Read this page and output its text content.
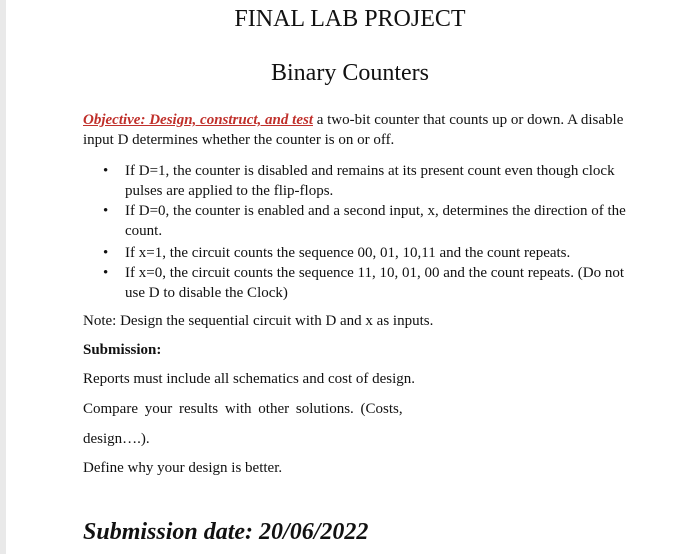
FINAL LAB PROJECT
Binary Counters

Objective: Design, construct, and test a two-bit counter that counts up or down. A disable input D determines whether the counter is on or off.

• If D=1, the counter is disabled and remains at its present count even though clock pulses are applied to the flip-flops.
• If D=0, the counter is enabled and a second input, x, determines the direction of the count.
• If x=1, the circuit counts the sequence 00, 01, 10,11 and the count repeats.
• If x=0, the circuit counts the sequence 11, 10, 01, 00 and the count repeats. (Do not use D to disable the Clock)

Note: Design the sequential circuit with D and x as inputs.

Submission:

Reports must include all schematics and cost of design.

Compare your results with other solutions. (Costs,

design….).

Define why your design is better.

Submission date: 20/06/2022
